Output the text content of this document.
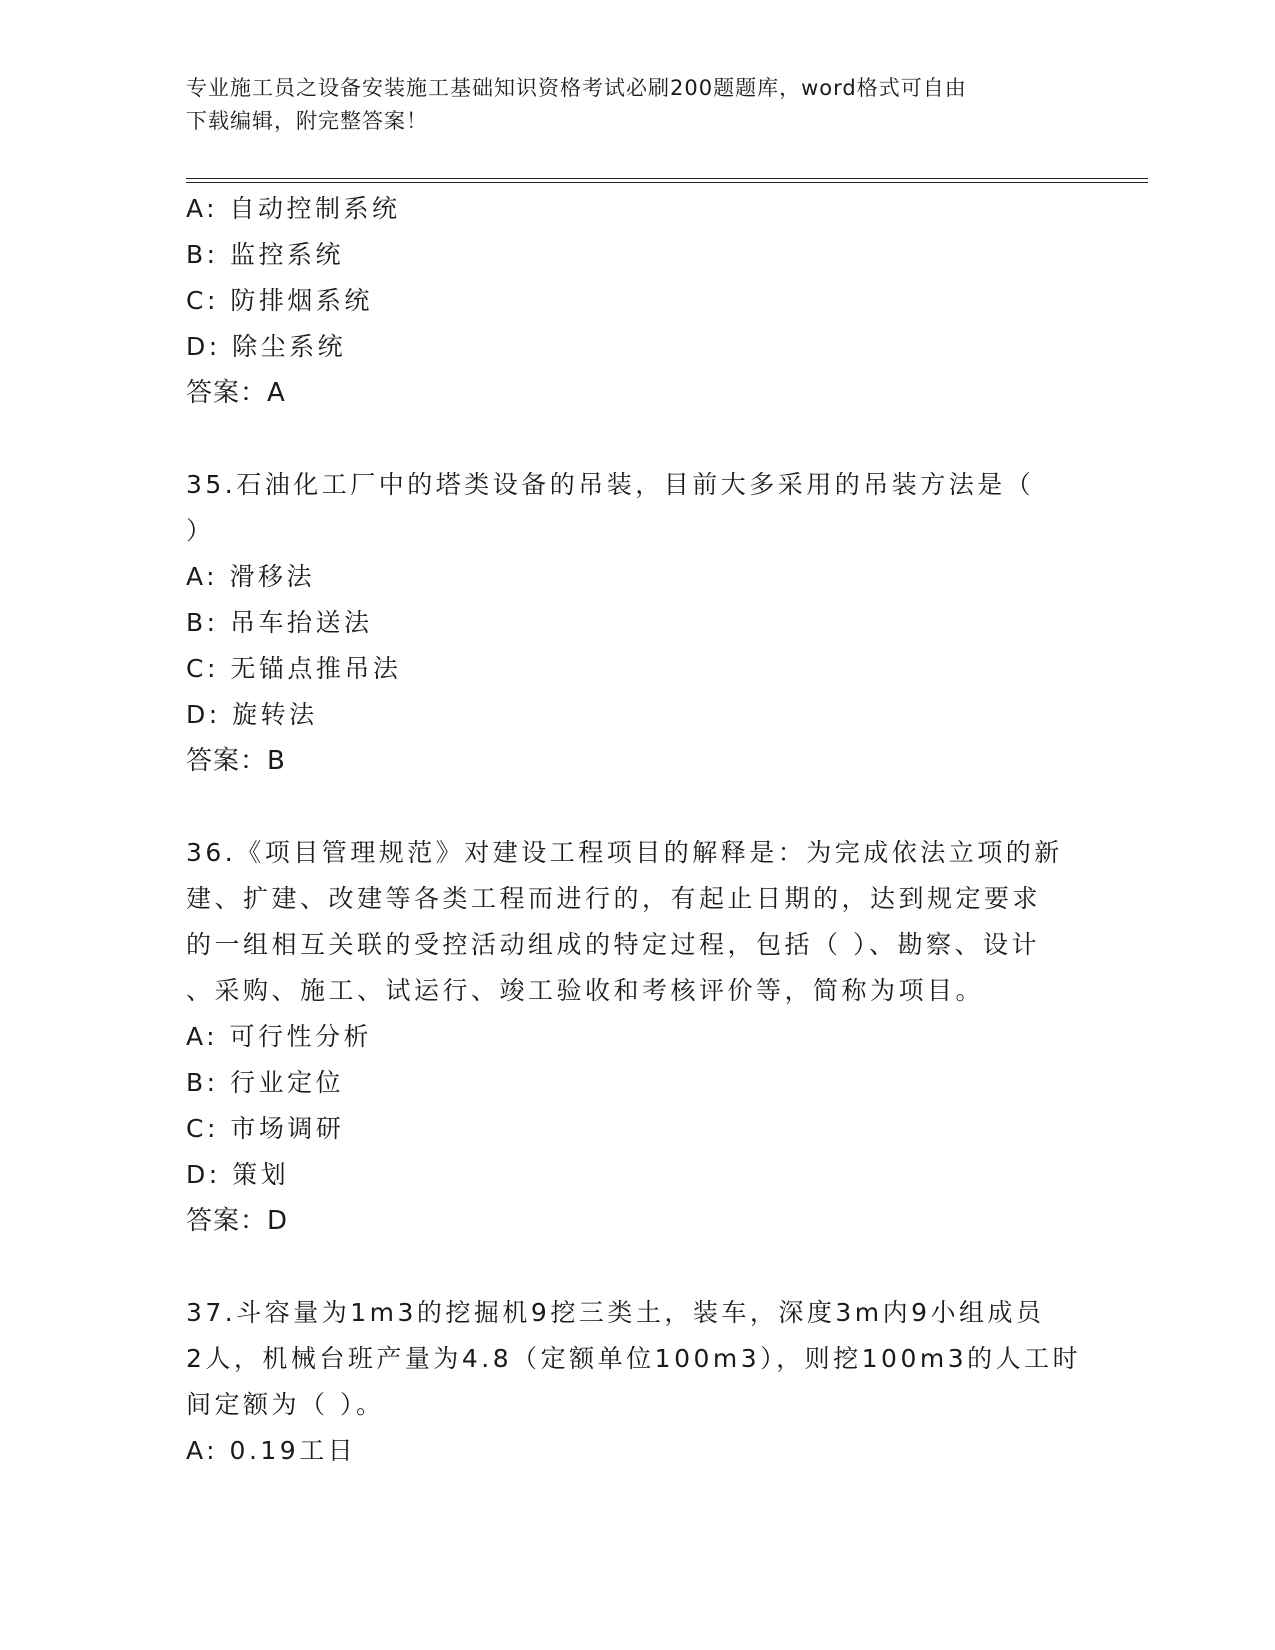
专业施工员之设备安装施工基础知识资格考试必刷200题题库，word格式可自由
下载编辑，附完整答案！
A: 自动控制系统
B: 监控系统
C: 防排烟系统
D: 除尘系统
答案：A
35.石油化工厂中的塔类设备的吊装，目前大多采用的吊装方法是（
）
A: 滑移法
B: 吊车抬送法
C: 无锚点推吊法
D: 旋转法
答案：B
36.《项目管理规范》对建设工程项目的解释是：为完成依法立项的新
建、扩建、改建等各类工程而进行的，有起止日期的，达到规定要求
的一组相互关联的受控活动组成的特定过程，包括（ ）、勘察、设计
、采购、施工、试运行、竣工验收和考核评价等，简称为项目。
A: 可行性分析
B: 行业定位
C: 市场调研
D: 策划
答案：D
37.斗容量为1m3的挖掘机9挖三类土，装车，深度3m内9小组成员
2人，机械台班产量为4.8（定额单位100m3），则挖100m3的人工时
间定额为（ ）。
A: 0.19工日
